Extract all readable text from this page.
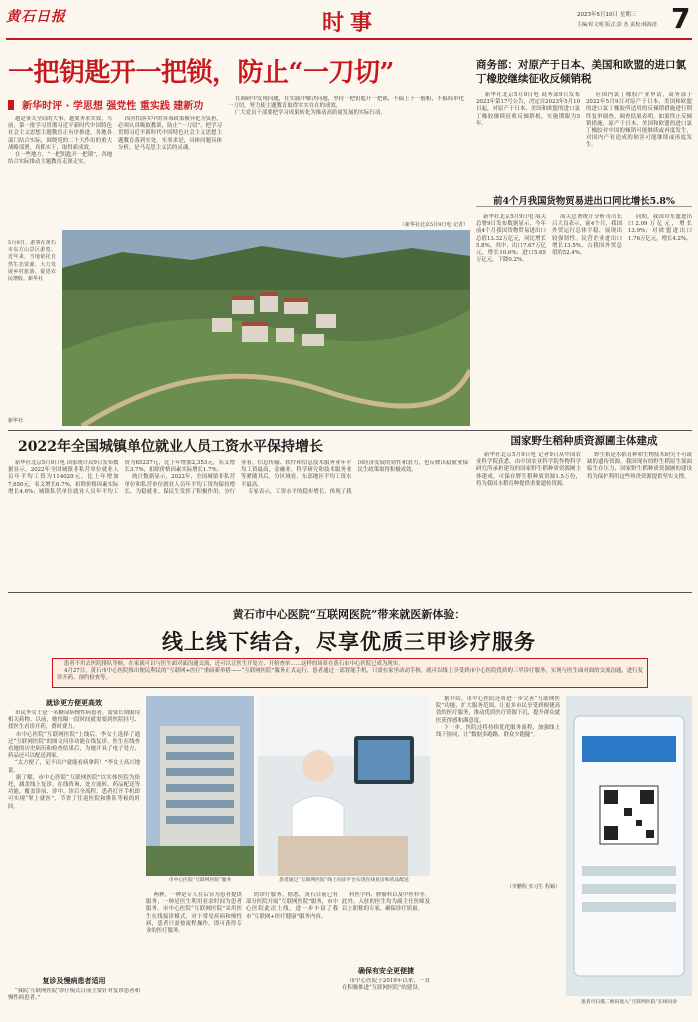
黄石日报	时事	2023年5月10日 星期三
主编:程文明 版式:彭 杰 责校:韩海清 7
一把钥匙开一把锁，防止“一刀切”
新华时评 · 学思想 强党性 重实践 建新功
越是事关全局的大事，越要务求实效。当前，第一批学习贯彻习近平新时代中国特色社会主义思想主题教育正有序推进，各地各部门结合实际，围绕党的二十大作出的重大战略部署，真抓实干，取得新成效。
在一些地方，“一把钥匙开一把锁”，各地结合实际推动主题教育走深走实。
因害怕落实中的各项政策被异化为负担，必须认真吸取教训，防止“一刀切”，把学习贯彻习近平新时代中国特色社会主义思想主题教育落到实处。实事求是，具体问题具体分析，是马克思主义活的灵魂。
在调研中发现问题，在实践中解决问题，坚持一把钥匙开一把锁，不搞上下一般粗，不搞简单化一刀切，努力使主题教育取得实实在在的成效。
广大党员干部要把学习成果转化为推动高质量发展的实际行动。
（新华社北京5月9日电 记者）
5月9日，游客在黄石市东方山景区游览。近年来，当地依托自然生态资源，大力发展乡村旅游，促进农民增收。新华社
新华社
商务部：对原产于日本、美国和欧盟的进口氯丁橡胶继续征收反倾销税
新华社北京5月9日电 商务部9日发布2023年第17号公告，决定自2023年5月10日起，对原产于日本、美国和欧盟的进口氯丁橡胶继续征收反倾销税，实施期限为5年。
应国内氯丁橡胶产业申请，商务部于2022年5月9日对原产于日本、美国和欧盟的进口氯丁橡胶所适用的反倾销措施进行期终复审调查。调查结果表明，如果终止反倾销措施，原产于日本、美国和欧盟的进口氯丁橡胶对中国的倾销可能继续或再度发生，对国内产业造成的损害可能继续或再度发生。
前4个月我国货物贸易进出口同比增长5.8%
新华社北京5月9日电 海关总署9日发布数据显示，今年前4个月我国货物贸易进出口总值13.32万亿元，同比增长5.8%。其中，出口7.67万亿元，增长10.6%；进口5.65万亿元，下降0.2%。
海关总署统计分析司司长吕大良表示，前4个月，我国外贸运行总体平稳，展现出较强韧性。民营企业进出口增长13.5%，占我国外贸总值的52.4%。
同期，我国对东盟进出口2.09万亿元，增长13.9%；对欧盟进出口1.76万亿元，增长4.2%。
2022年全国城镇单位就业人员工资水平保持增长
新华社北京5月9日电 国家统计局9日发布数据显示，2022年全国城镇非私营单位就业人员年平均工资为114029元，比上年增加7,650元，名义增长6.7%，扣除价格因素实际增长4.6%；城镇私营单位就业人员年平均工资为65237元，比上年增加2,353元，名义增长3.7%，扣除价格因素实际增长1.7%。
统计数据显示，2022年，全国城镇非私营单位和私营单位就业人员年平均工资均保持增长，为稳就业、保民生发挥了积极作用。分行业看，信息传输、软件和信息技术服务业年平均工资最高，金融业、科学研究和技术服务业等紧随其后。分区域看，东部地区平均工资水平最高。
专家表示，工资水平的稳步增长，体现了我国经济发展的韧性和潜力，也反映出稳就业保民生政策取得积极成效。
国家野生稻种质资源圃主体建成
新华社北京5月9日电 记者9日从中国农业科学院获悉，由中国农业科学院作物科学研究所承担建设的国家野生稻种质资源圃主体建成，可保存野生稻种质资源1.5万份，将为我国水稻育种提供重要遗传资源。
野生稻是水稻育种和生物技术研究不可或缺的遗传资源。我国现有的野生稻原生境面临生存压力，国家野生稻种质资源圃的建设将为保护利用这些珍贵资源提供坚实支撑。
黄石市中心医院“互联网医院”带来就医新体验：
线上线下结合，尽享优质三甲诊疗服务
患者不用去医院排队等候，在家就可以与医生面对面沟通交流，还可以让医生开处方、开检查单……这样的场景在黄石市中心医院已成为现实。
4月27日，黄石市中心医院推出便民利民的“互联网+医疗”重磅新举措——“互联网医院”服务正式运行，患者通过一部智能手机，只需在家里动动手指，就可以线上享受到市中心医院优质的三甲诊疗服务，实现与医生面对面的交流沟通，进行复诊开药、预约检查等。
就诊更方便更高效
市民李女士是一名糖尿病慢性病患者，需要长期服用相关药物。以前，她每隔一段时间就需要到医院挂号、找医生看诊开药，费时费力。
市中心医院“互联网医院”上线后，李女士选择了通过“互联网医院”的图文问诊功能在线复诊。医生在线查看她的历史病历和检查结果后，为她开具了电子处方，药品还可以配送到家。
“太方便了，足不出户就能看病拿药！”李女士高兴地说。
据了解，市中心医院“互联网医院”以实体医院为依托，涵盖线上复诊、在线咨询、处方流转、药品配送等功能，覆盖诊前、诊中、诊后全流程。患者打开手机即可实现“掌上就医”，节省了往返医院和排队等候的时间。
复诊及慢病患者适用
“我院‘互联网医院’诊疗模式目前主要针对复诊患者和慢性病患者。”
市中心医院“互联网医院”服务	患者通过“互联网医院”线上问诊平台实现在线复诊和药品配送
两种，一种是专人在后台为患者提供服务，一种是医生利用业余时间为患者服务。市中心医院“互联网医院”采用医生在线接诊模式，对于常见疾病和慢性病，患者只需按流程操作，即可获得专业的医疗服务。
的诊疗服务。据悉，黄石目前已有部分医院开展“互联网医院”服务，市中心医院此次上线，进一步丰富了我市“互联网+医疗健康”服务内容。
科医学科、肿瘤科以及中医科等。此外，入驻的医生均为副主任医师及以上职称的专家，确保诊疗质量。
确保有安全更便捷
市中心医院于2019年以来，一直在积极推进“互联网医院”的建设。
据介绍，市中心医院还将进一步完善“互联网医院”功能，扩大服务范围，让更多市民享受到便捷高效的医疗服务，推动优质医疗资源下沉，提升群众就医获得感和满意度。
下一步，医院还将持续优化服务流程，加强线上线下协同，让“数据多跑路，群众少跑腿”。
（李鹏程 实习生 程颖）
患者可扫描二维码进入“互联网医院”在线问诊
